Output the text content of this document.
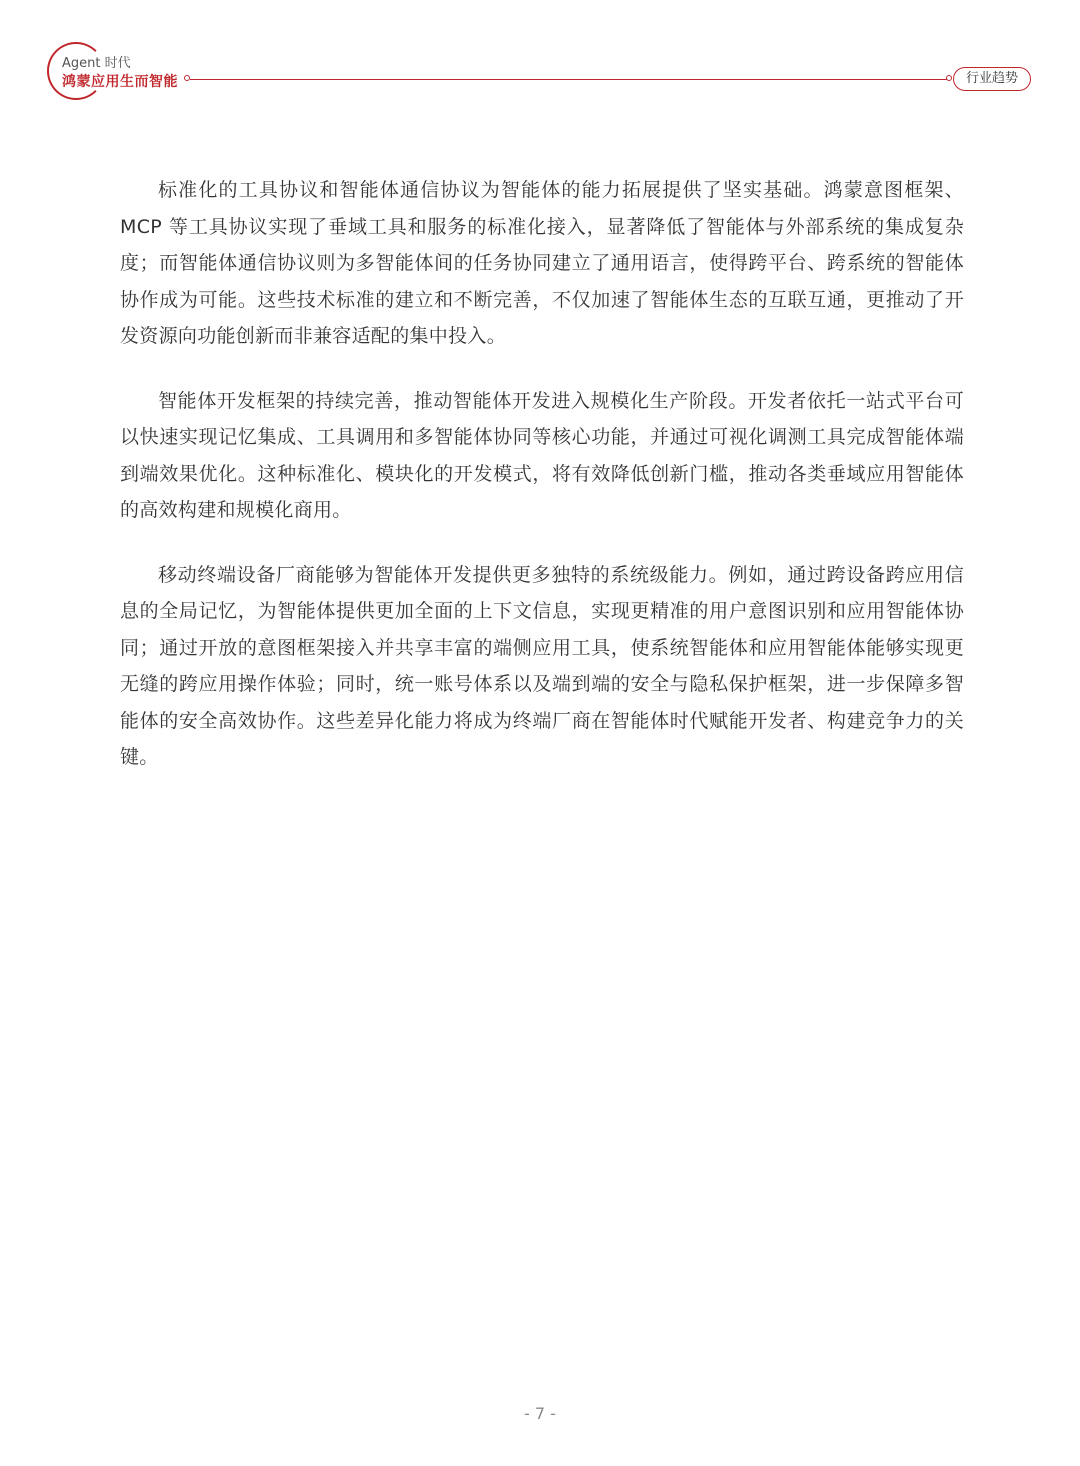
Agent 时代
鸿蒙应用生而智能	行业趋势

标准化的工具协议和智能体通信协议为智能体的能力拓展提供了坚实基础。鸿蒙意图框架、MCP 等工具协议实现了垂域工具和服务的标准化接入，显著降低了智能体与外部系统的集成复杂度；而智能体通信协议则为多智能体间的任务协同建立了通用语言，使得跨平台、跨系统的智能体协作成为可能。这些技术标准的建立和不断完善，不仅加速了智能体生态的互联互通，更推动了开发资源向功能创新而非兼容适配的集中投入。

智能体开发框架的持续完善，推动智能体开发进入规模化生产阶段。开发者依托一站式平台可以快速实现记忆集成、工具调用和多智能体协同等核心功能，并通过可视化调测工具完成智能体端到端效果优化。这种标准化、模块化的开发模式，将有效降低创新门槛，推动各类垂域应用智能体的高效构建和规模化商用。

移动终端设备厂商能够为智能体开发提供更多独特的系统级能力。例如，通过跨设备跨应用信息的全局记忆，为智能体提供更加全面的上下文信息，实现更精准的用户意图识别和应用智能体协同；通过开放的意图框架接入并共享丰富的端侧应用工具，使系统智能体和应用智能体能够实现更无缝的跨应用操作体验；同时，统一账号体系以及端到端的安全与隐私保护框架，进一步保障多智能体的安全高效协作。这些差异化能力将成为终端厂商在智能体时代赋能开发者、构建竞争力的关键。

- 7 -
